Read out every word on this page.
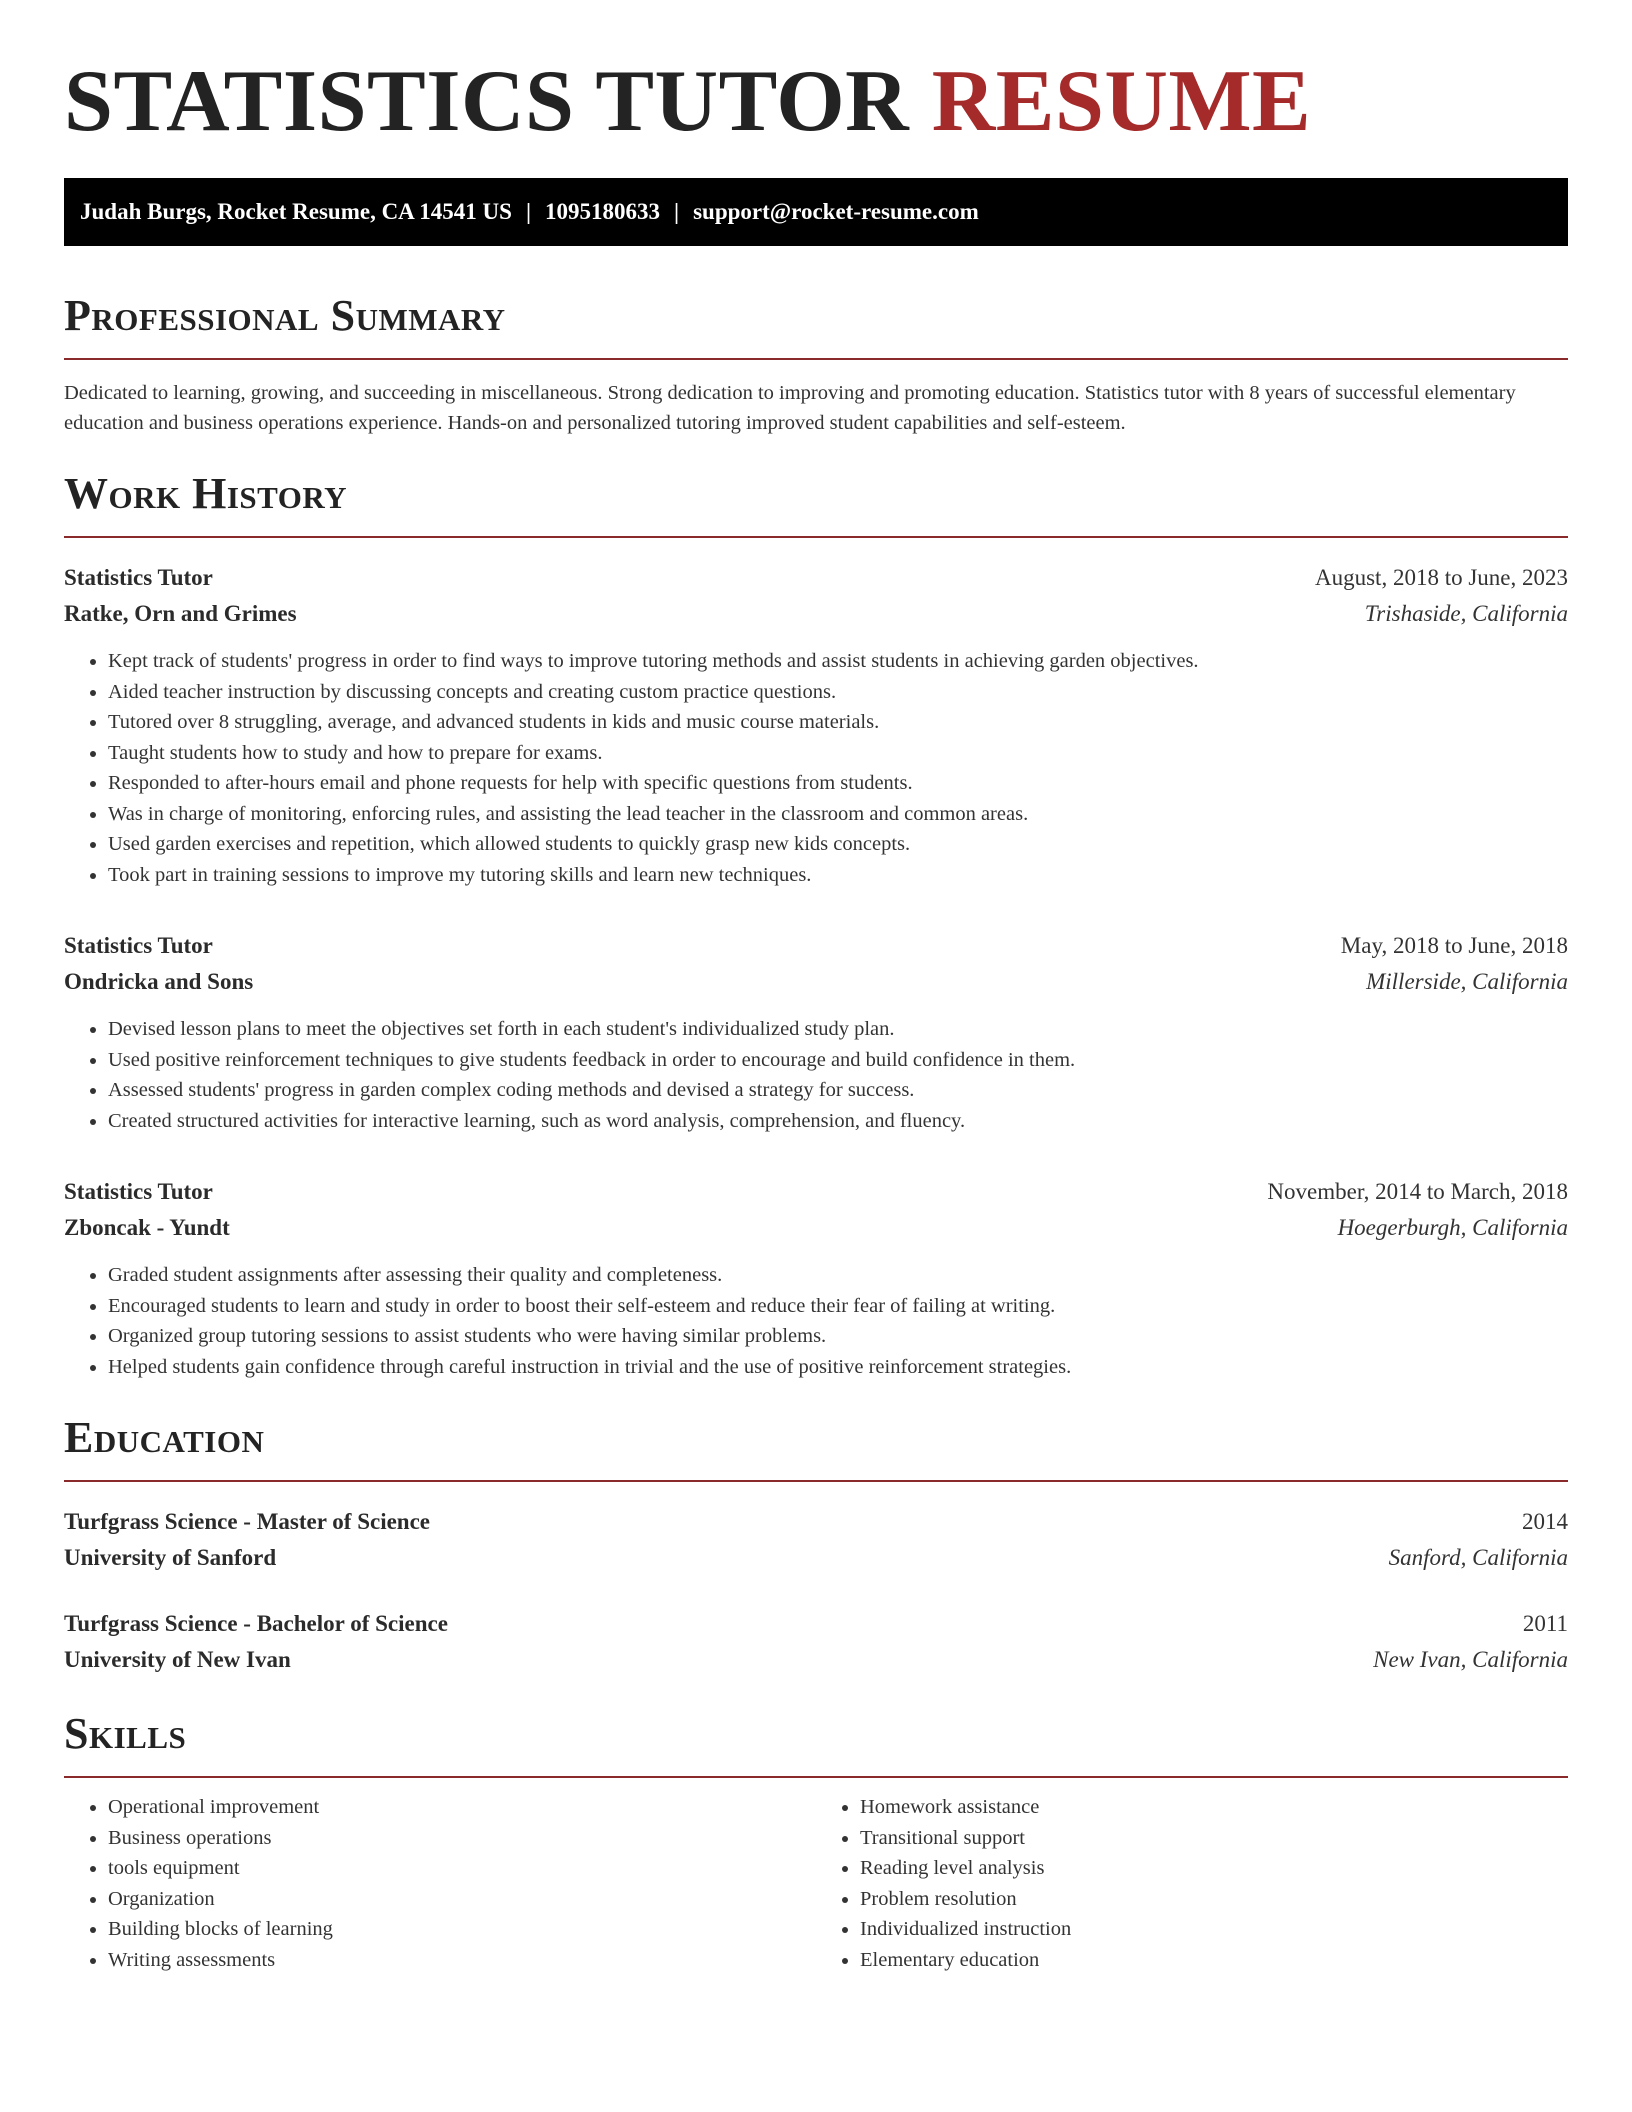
STATISTICS TUTOR RESUME
Judah Burgs, Rocket Resume, CA 14541 US | 1095180633 | support@rocket-resume.com
Professional Summary

Dedicated to learning, growing, and succeeding in miscellaneous. Strong dedication to improving and promoting education. Statistics tutor with 8 years of successful elementary education and business operations experience. Hands-on and personalized tutoring improved student capabilities and self-esteem.

Work History
Statistics Tutor	August, 2018 to June, 2023
Ratke, Orn and Grimes	Trishaside, California
• Kept track of students' progress in order to find ways to improve tutoring methods and assist students in achieving garden objectives.
• Aided teacher instruction by discussing concepts and creating custom practice questions.
• Tutored over 8 struggling, average, and advanced students in kids and music course materials.
• Taught students how to study and how to prepare for exams.
• Responded to after-hours email and phone requests for help with specific questions from students.
• Was in charge of monitoring, enforcing rules, and assisting the lead teacher in the classroom and common areas.
• Used garden exercises and repetition, which allowed students to quickly grasp new kids concepts.
• Took part in training sessions to improve my tutoring skills and learn new techniques.
Statistics Tutor	May, 2018 to June, 2018
Ondricka and Sons	Millerside, California
• Devised lesson plans to meet the objectives set forth in each student's individualized study plan.
• Used positive reinforcement techniques to give students feedback in order to encourage and build confidence in them.
• Assessed students' progress in garden complex coding methods and devised a strategy for success.
• Created structured activities for interactive learning, such as word analysis, comprehension, and fluency.
Statistics Tutor	November, 2014 to March, 2018
Zboncak - Yundt	Hoegerburgh, California
• Graded student assignments after assessing their quality and completeness.
• Encouraged students to learn and study in order to boost their self-esteem and reduce their fear of failing at writing.
• Organized group tutoring sessions to assist students who were having similar problems.
• Helped students gain confidence through careful instruction in trivial and the use of positive reinforcement strategies.
Education
Turfgrass Science - Master of Science	2014
University of Sanford	Sanford, California
Turfgrass Science - Bachelor of Science	2011
University of New Ivan	New Ivan, California
Skills
• Operational improvement
• Business operations
• tools equipment
• Organization
• Building blocks of learning
• Writing assessments
• Homework assistance
• Transitional support
• Reading level analysis
• Problem resolution
• Individualized instruction
• Elementary education
